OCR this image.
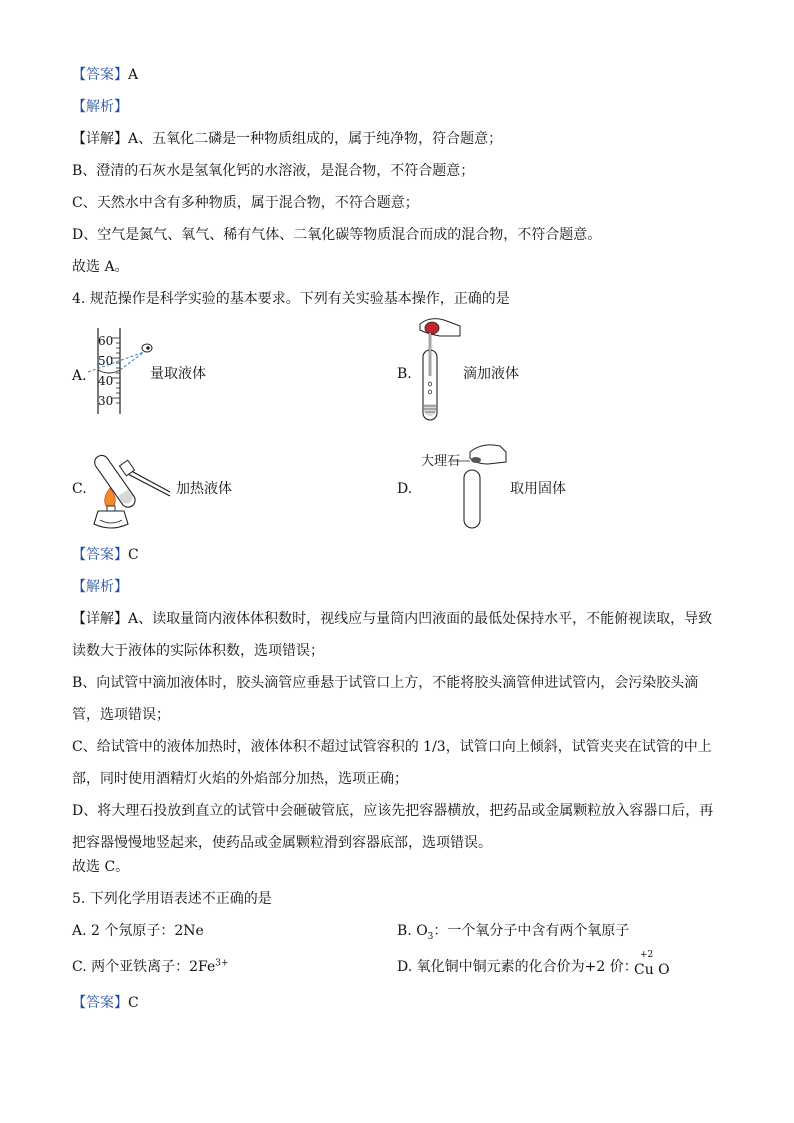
【答案】A
【解析】
【详解】A、五氧化二磷是一种物质组成的，属于纯净物，符合题意；
B、澄清的石灰水是氢氧化钙的水溶液，是混合物，不符合题意；
C、天然水中含有多种物质，属于混合物，不符合题意；
D、空气是氮气、氧气、稀有气体、二氧化碳等物质混合而成的混合物，不符合题意。
故选 A。
4. 规范操作是科学实验的基本要求。下列有关实验基本操作，正确的是
A.
60
50
40
30
量取液体	B.	滴加液体
C.	加热液体	D.
大理石
取用固体
【答案】C
【解析】
【详解】A、读取量筒内液体体积数时，视线应与量筒内凹液面的最低处保持水平，不能俯视读取，导致
读数大于液体的实际体积数，选项错误；
B、向试管中滴加液体时，胶头滴管应垂悬于试管口上方，不能将胶头滴管伸进试管内，会污染胶头滴
管，选项错误；
C、给试管中的液体加热时，液体体积不超过试管容积的 1/3，试管口向上倾斜，试管夹夹在试管的中上
部，同时使用酒精灯火焰的外焰部分加热，选项正确；
D、将大理石投放到直立的试管中会砸破管底，应该先把容器横放，把药品或金属颗粒放入容器口后，再
把容器慢慢地竖起来，使药品或金属颗粒滑到容器底部，选项错误。
故选 C。
5. 下列化学用语表述不正确的是
A. 2 个氖原子：2Ne	B. $O_3$：一个氧分子中含有两个氧原子
C. 两个亚铁离子：$2Fe^{3+}$	D. 氧化铜中铜元素的化合价为+2 价：
+2
Cu O
【答案】C
